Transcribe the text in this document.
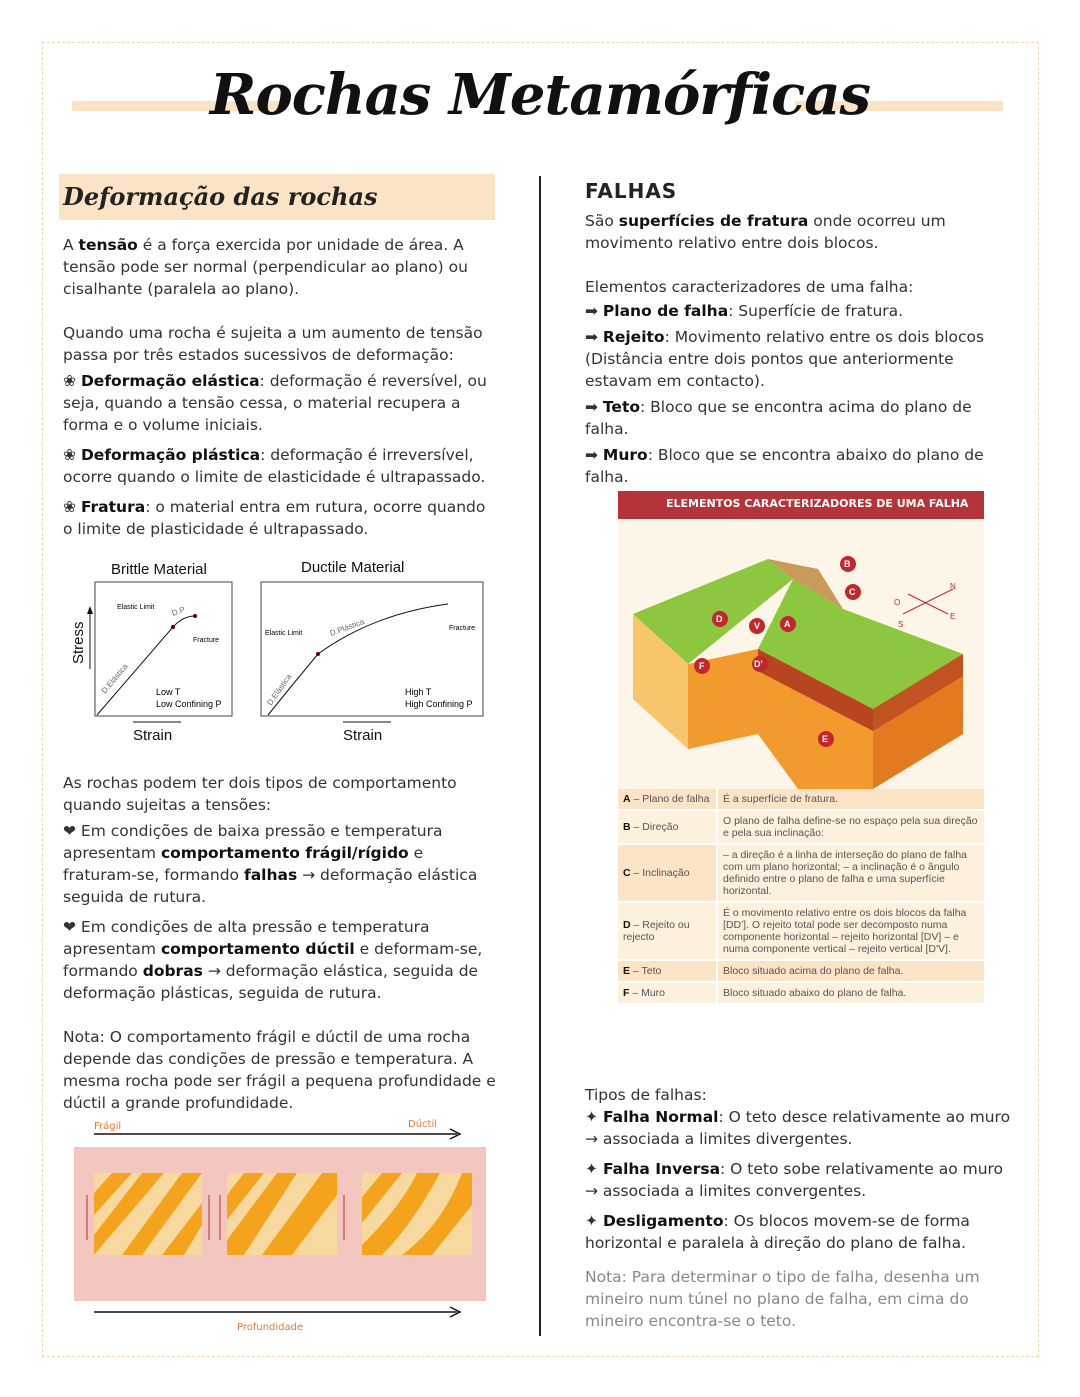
Rochas Metamórficas
Deformação das rochas

A tensão é a força exercida por unidade de área. A tensão pode ser normal (perpendicular ao plano) ou cisalhante (paralela ao plano).

Quando uma rocha é sujeita a um aumento de tensão passa por três estados sucessivos de deformação:

❀ Deformação elástica: deformação é reversível, ou seja, quando a tensão cessa, o material recupera a forma e o volume iniciais.

❀ Deformação plástica: deformação é irreversível, ocorre quando o limite de elasticidade é ultrapassado.

❀ Fratura: o material entra em rutura, ocorre quando o limite de plasticidade é ultrapassado.

Brittle Material	Ductile Material
Stress
Elastic Limit D.P
Fracture
D.Elástica	Low T
Low Confining P
Elastic Limit	D.Plástica	Fracture
D.Elástica	High T
High Confining P
Strain	Strain

As rochas podem ter dois tipos de comportamento quando sujeitas a tensões:

❤ Em condições de baixa pressão e temperatura apresentam comportamento frágil/rígido e fraturam-se, formando falhas → deformação elástica seguida de rutura.

❤ Em condições de alta pressão e temperatura apresentam comportamento dúctil e deformam-se, formando dobras → deformação elástica, seguida de deformação plásticas, seguida de rutura.

Nota: O comportamento frágil e dúctil de uma rocha depende das condições de pressão e temperatura. A mesma rocha pode ser frágil a pequena profundidade e dúctil a grande profundidade.

Frágil	Dúctil
Profundidade
FALHAS

São superfícies de fratura onde ocorreu um movimento relativo entre dois blocos.

Elementos caracterizadores de uma falha:

➡ Plano de falha: Superfície de fratura.

➡ Rejeito: Movimento relativo entre os dois blocos (Distância entre dois pontos que anteriormente estavam em contacto).

➡ Teto: Bloco que se encontra acima do plano de falha.

➡ Muro: Bloco que se encontra abaixo do plano de falha.

ELEMENTOS CARACTERIZADORES DE UMA FALHA
D
V	A
B
C
D'
E
F
N
S
E
O
A – Plano de falha	É a superfície de fratura.
B – Direção	O plano de falha define-se no espaço pela sua direção e pela sua inclinação:
C – Inclinação	– a direção é a linha de interseção do plano de falha com um plano horizontal; – a inclinação é o ângulo definido entre o plano de falha e uma superfície horizontal.
D – Rejeito ou rejecto	É o movimento relativo entre os dois blocos da falha [DD']. O rejeito total pode ser decomposto numa componente horizontal – rejeito horizontal [DV] – e numa componente vertical – rejeito vertical [D'V].
E – Teto	Bloco situado acima do plano de falha.
F – Muro	Bloco situado abaixo do plano de falha.

Tipos de falhas:

✦ Falha Normal: O teto desce relativamente ao muro → associada a limites divergentes.

✦ Falha Inversa: O teto sobe relativamente ao muro → associada a limites convergentes.

✦ Desligamento: Os blocos movem-se de forma horizontal e paralela à direção do plano de falha.

Nota: Para determinar o tipo de falha, desenha um mineiro num túnel no plano de falha, em cima do mineiro encontra-se o teto.
